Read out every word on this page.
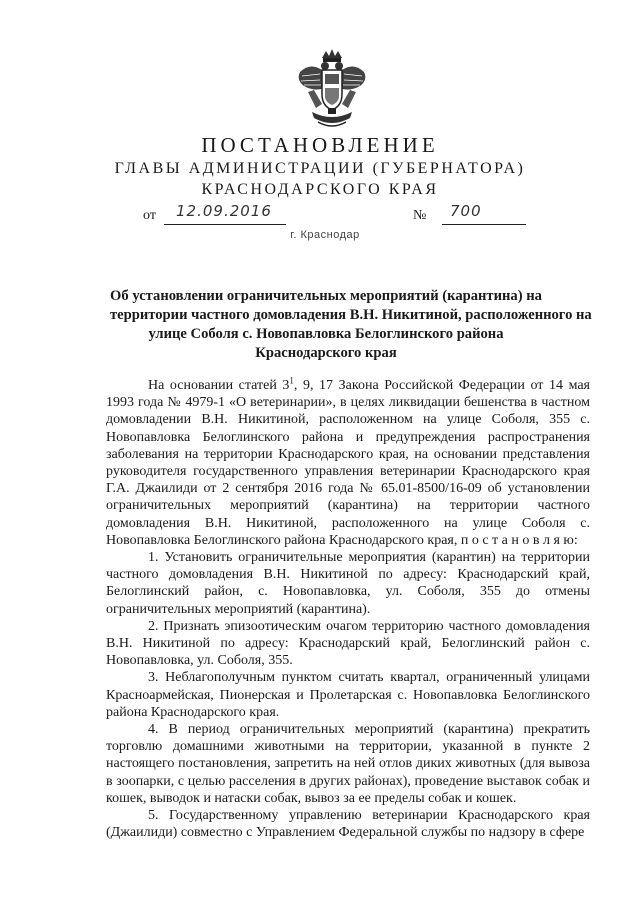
ПОСТАНОВЛЕНИЕ
ГЛАВЫ АДМИНИСТРАЦИИ (ГУБЕРНАТОРА)
КРАСНОДАРСКОГО КРАЯ
от 12.09.2016	№ 700
г. Краснодар
Об установлении ограничительных мероприятий (карантина) на
территории частного домовладения В.Н. Никитиной, расположенного на
улице Соболя с. Новопавловка Белоглинского района
Краснодарского края

На основании статей $3^1$, 9, 17 Закона Российской Федерации от 14 мая 1993 года № 4979-1 «О ветеринарии», в целях ликвидации бешенства в частном домовладении В.Н. Никитиной, расположенном на улице Соболя, 355 с. Новопавловка Белоглинского района и предупреждения распространения заболевания на территории Краснодарского края, на основании представления руководителя государственного управления ветеринарии Краснодарского края Г.А. Джаилиди от 2 сентября 2016 года № 65.01-8500/16-09 об установлении ограничительных мероприятий (карантина) на территории частного домовладения В.Н. Никитиной, расположенного на улице Соболя с. Новопавловка Белоглинского района Краснодарского края, п о с т а н о в л я ю:

1. Установить ограничительные мероприятия (карантин) на территории частного домовладения В.Н. Никитиной по адресу: Краснодарский край, Белоглинский район, с. Новопавловка, ул. Соболя, 355 до отмены ограничительных мероприятий (карантина).

2. Признать эпизоотическим очагом территорию частного домовладения В.Н. Никитиной по адресу: Краснодарский край, Белоглинский район с. Новопавловка, ул. Соболя, 355.

3. Неблагополучным пунктом считать квартал, ограниченный улицами Красноармейская, Пионерская и Пролетарская с. Новопавловка Белоглинского района Краснодарского края.

4. В период ограничительных мероприятий (карантина) прекратить торговлю домашними животными на территории, указанной в пункте 2 настоящего постановления, запретить на ней отлов диких животных (для вывоза в зоопарки, с целью расселения в других районах), проведение выставок собак и кошек, выводок и натаски собак, вывоз за ее пределы собак и кошек.

5. Государственному управлению ветеринарии Краснодарского края (Джаилиди) совместно с Управлением Федеральной службы по надзору в сфере
